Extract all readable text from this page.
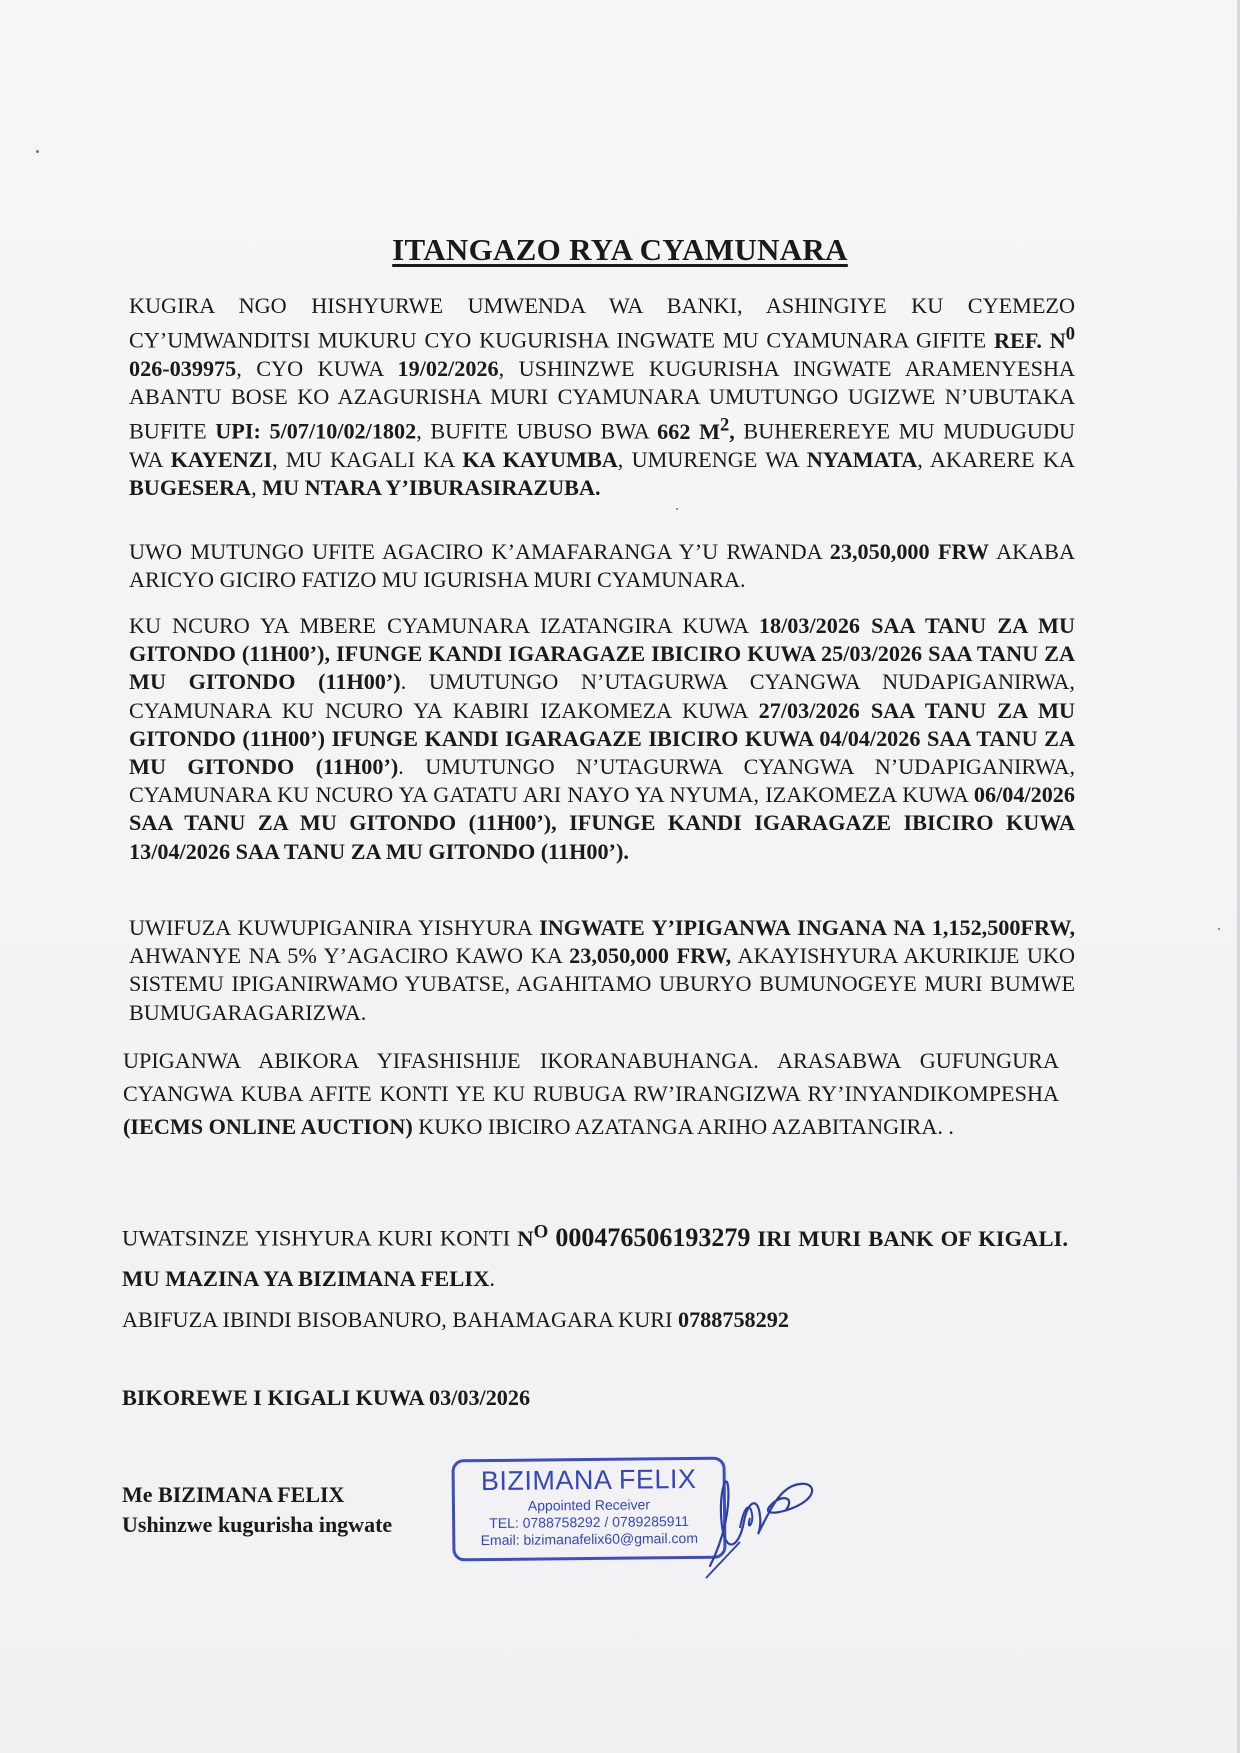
ITANGAZO RYA CYAMUNARA
KUGIRA NGO HISHYURWE UMWENDA WA BANKI, ASHINGIYE KU CYEMEZO CY’UMWANDITSI MUKURU CYO KUGURISHA INGWATE MU CYAMUNARA GIFITE REF. $N^0$ 026-039975, CYO KUWA 19/02/2026, USHINZWE KUGURISHA INGWATE ARAMENYESHA ABANTU BOSE KO AZAGURISHA MURI CYAMUNARA UMUTUNGO UGIZWE N’UBUTAKA BUFITE UPI: 5/07/10/02/1802, BUFITE UBUSO BWA 662 $M^2$, BUHEREREYE MU MUDUGUDU WA KAYENZI, MU KAGALI KA KA KAYUMBA, UMURENGE WA NYAMATA, AKARERE KA BUGESERA, MU NTARA Y’IBURASIRAZUBA.
UWO MUTUNGO UFITE AGACIRO K’AMAFARANGA Y’U RWANDA 23,050,000 FRW AKABA ARICYO GICIRO FATIZO MU IGURISHA MURI CYAMUNARA.
KU NCURO YA MBERE CYAMUNARA IZATANGIRA KUWA 18/03/2026 SAA TANU ZA MU GITONDO (11H00’), IFUNGE KANDI IGARAGAZE IBICIRO KUWA 25/03/2026 SAA TANU ZA MU GITONDO (11H00’). UMUTUNGO N’UTAGURWA CYANGWA NUDAPIGANIRWA, CYAMUNARA KU NCURO YA KABIRI IZAKOMEZA KUWA 27/03/2026 SAA TANU ZA MU GITONDO (11H00’) IFUNGE KANDI IGARAGAZE IBICIRO KUWA 04/04/2026 SAA TANU ZA MU GITONDO (11H00’). UMUTUNGO N’UTAGURWA CYANGWA N’UDAPIGANIRWA, CYAMUNARA KU NCURO YA GATATU ARI NAYO YA NYUMA, IZAKOMEZA KUWA 06/04/2026 SAA TANU ZA MU GITONDO (11H00’), IFUNGE KANDI IGARAGAZE IBICIRO KUWA 13/04/2026 SAA TANU ZA MU GITONDO (11H00’).
UWIFUZA KUWUPIGANIRA YISHYURA INGWATE Y’IPIGANWA INGANA NA 1,152,500FRW, AHWANYE NA 5% Y’AGACIRO KAWO KA 23,050,000 FRW, AKAYISHYURA AKURIKIJE UKO SISTEMU IPIGANIRWAMO YUBATSE, AGAHITAMO UBURYO BUMUNOGEYE MURI BUMWE BUMUGARAGARIZWA.
UPIGANWA ABIKORA YIFASHISHIJE IKORANABUHANGA. ARASABWA GUFUNGURA CYANGWA KUBA AFITE KONTI YE KU RUBUGA RW’IRANGIZWA RY’INYANDIKOMPESHA (IECMS ONLINE AUCTION) KUKO IBICIRO AZATANGA ARIHO AZABITANGIRA. .
UWATSINZE YISHYURA KURI KONTI $N^O$ 000476506193279 IRI MURI BANK OF KIGALI. MU MAZINA YA BIZIMANA FELIX.
ABIFUZA IBINDI BISOBANURO, BAHAMAGARA KURI 0788758292
BIKOREWE I KIGALI KUWA 03/03/2026
Me BIZIMANA FELIX
Ushinzwe kugurisha ingwate
BIZIMANA FELIX
Appointed Receiver
TEL: 0788758292 / 0789285911
Email: bizimanafelix60@gmail.com
